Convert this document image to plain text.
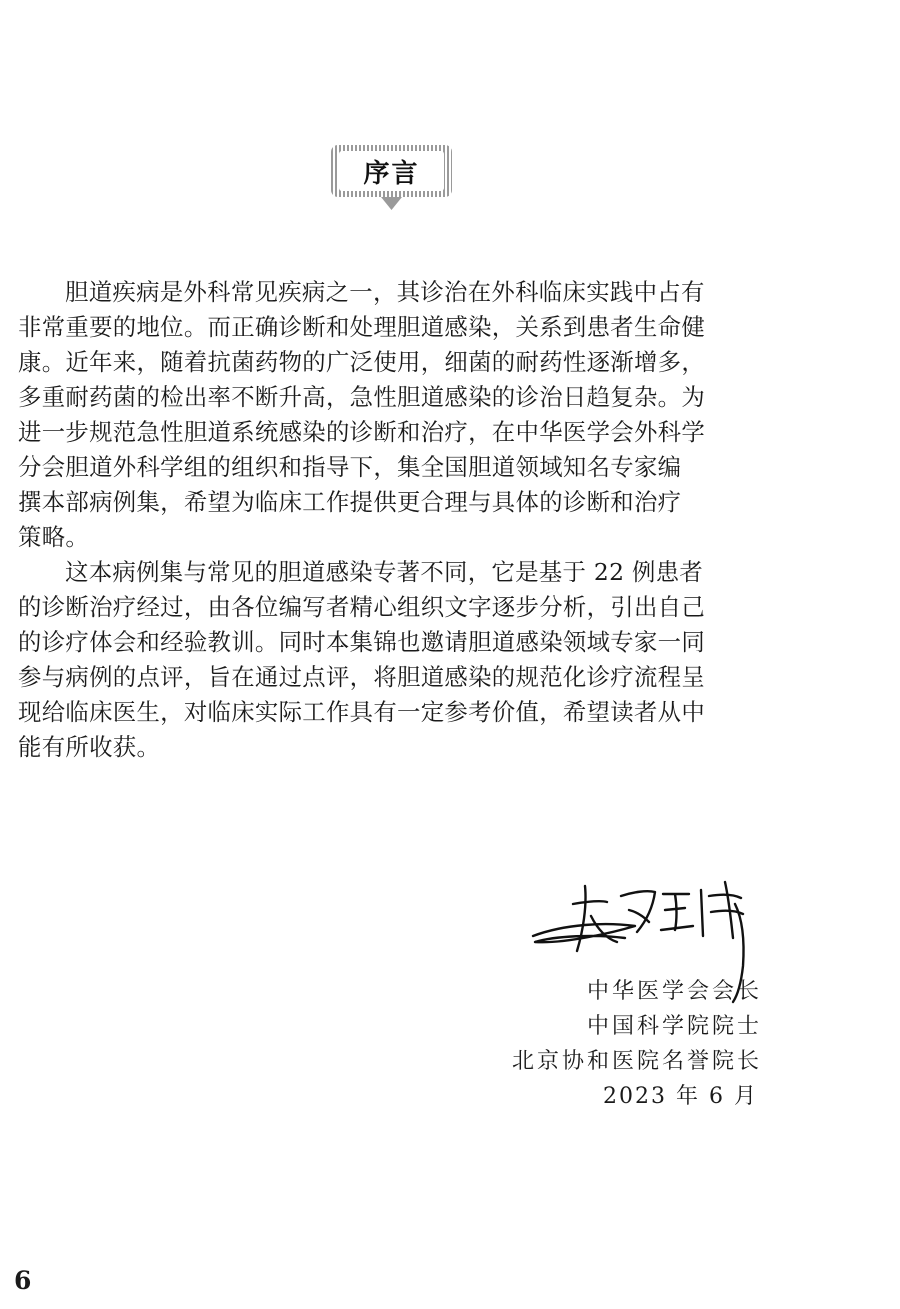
序言
胆道疾病是外科常见疾病之一，其诊治在外科临床实践中占有
非常重要的地位。而正确诊断和处理胆道感染，关系到患者生命健
康。近年来，随着抗菌药物的广泛使用，细菌的耐药性逐渐增多，
多重耐药菌的检出率不断升高，急性胆道感染的诊治日趋复杂。为
进一步规范急性胆道系统感染的诊断和治疗，在中华医学会外科学
分会胆道外科学组的组织和指导下，集全国胆道领域知名专家编
撰本部病例集，希望为临床工作提供更合理与具体的诊断和治疗
策略。
这本病例集与常见的胆道感染专著不同，它是基于 22 例患者
的诊断治疗经过，由各位编写者精心组织文字逐步分析，引出自己
的诊疗体会和经验教训。同时本集锦也邀请胆道感染领域专家一同
参与病例的点评，旨在通过点评，将胆道感染的规范化诊疗流程呈
现给临床医生，对临床实际工作具有一定参考价值，希望读者从中
能有所收获。
中华医学会会长
中国科学院院士
北京协和医院名誉院长
2023 年 6 月
6
